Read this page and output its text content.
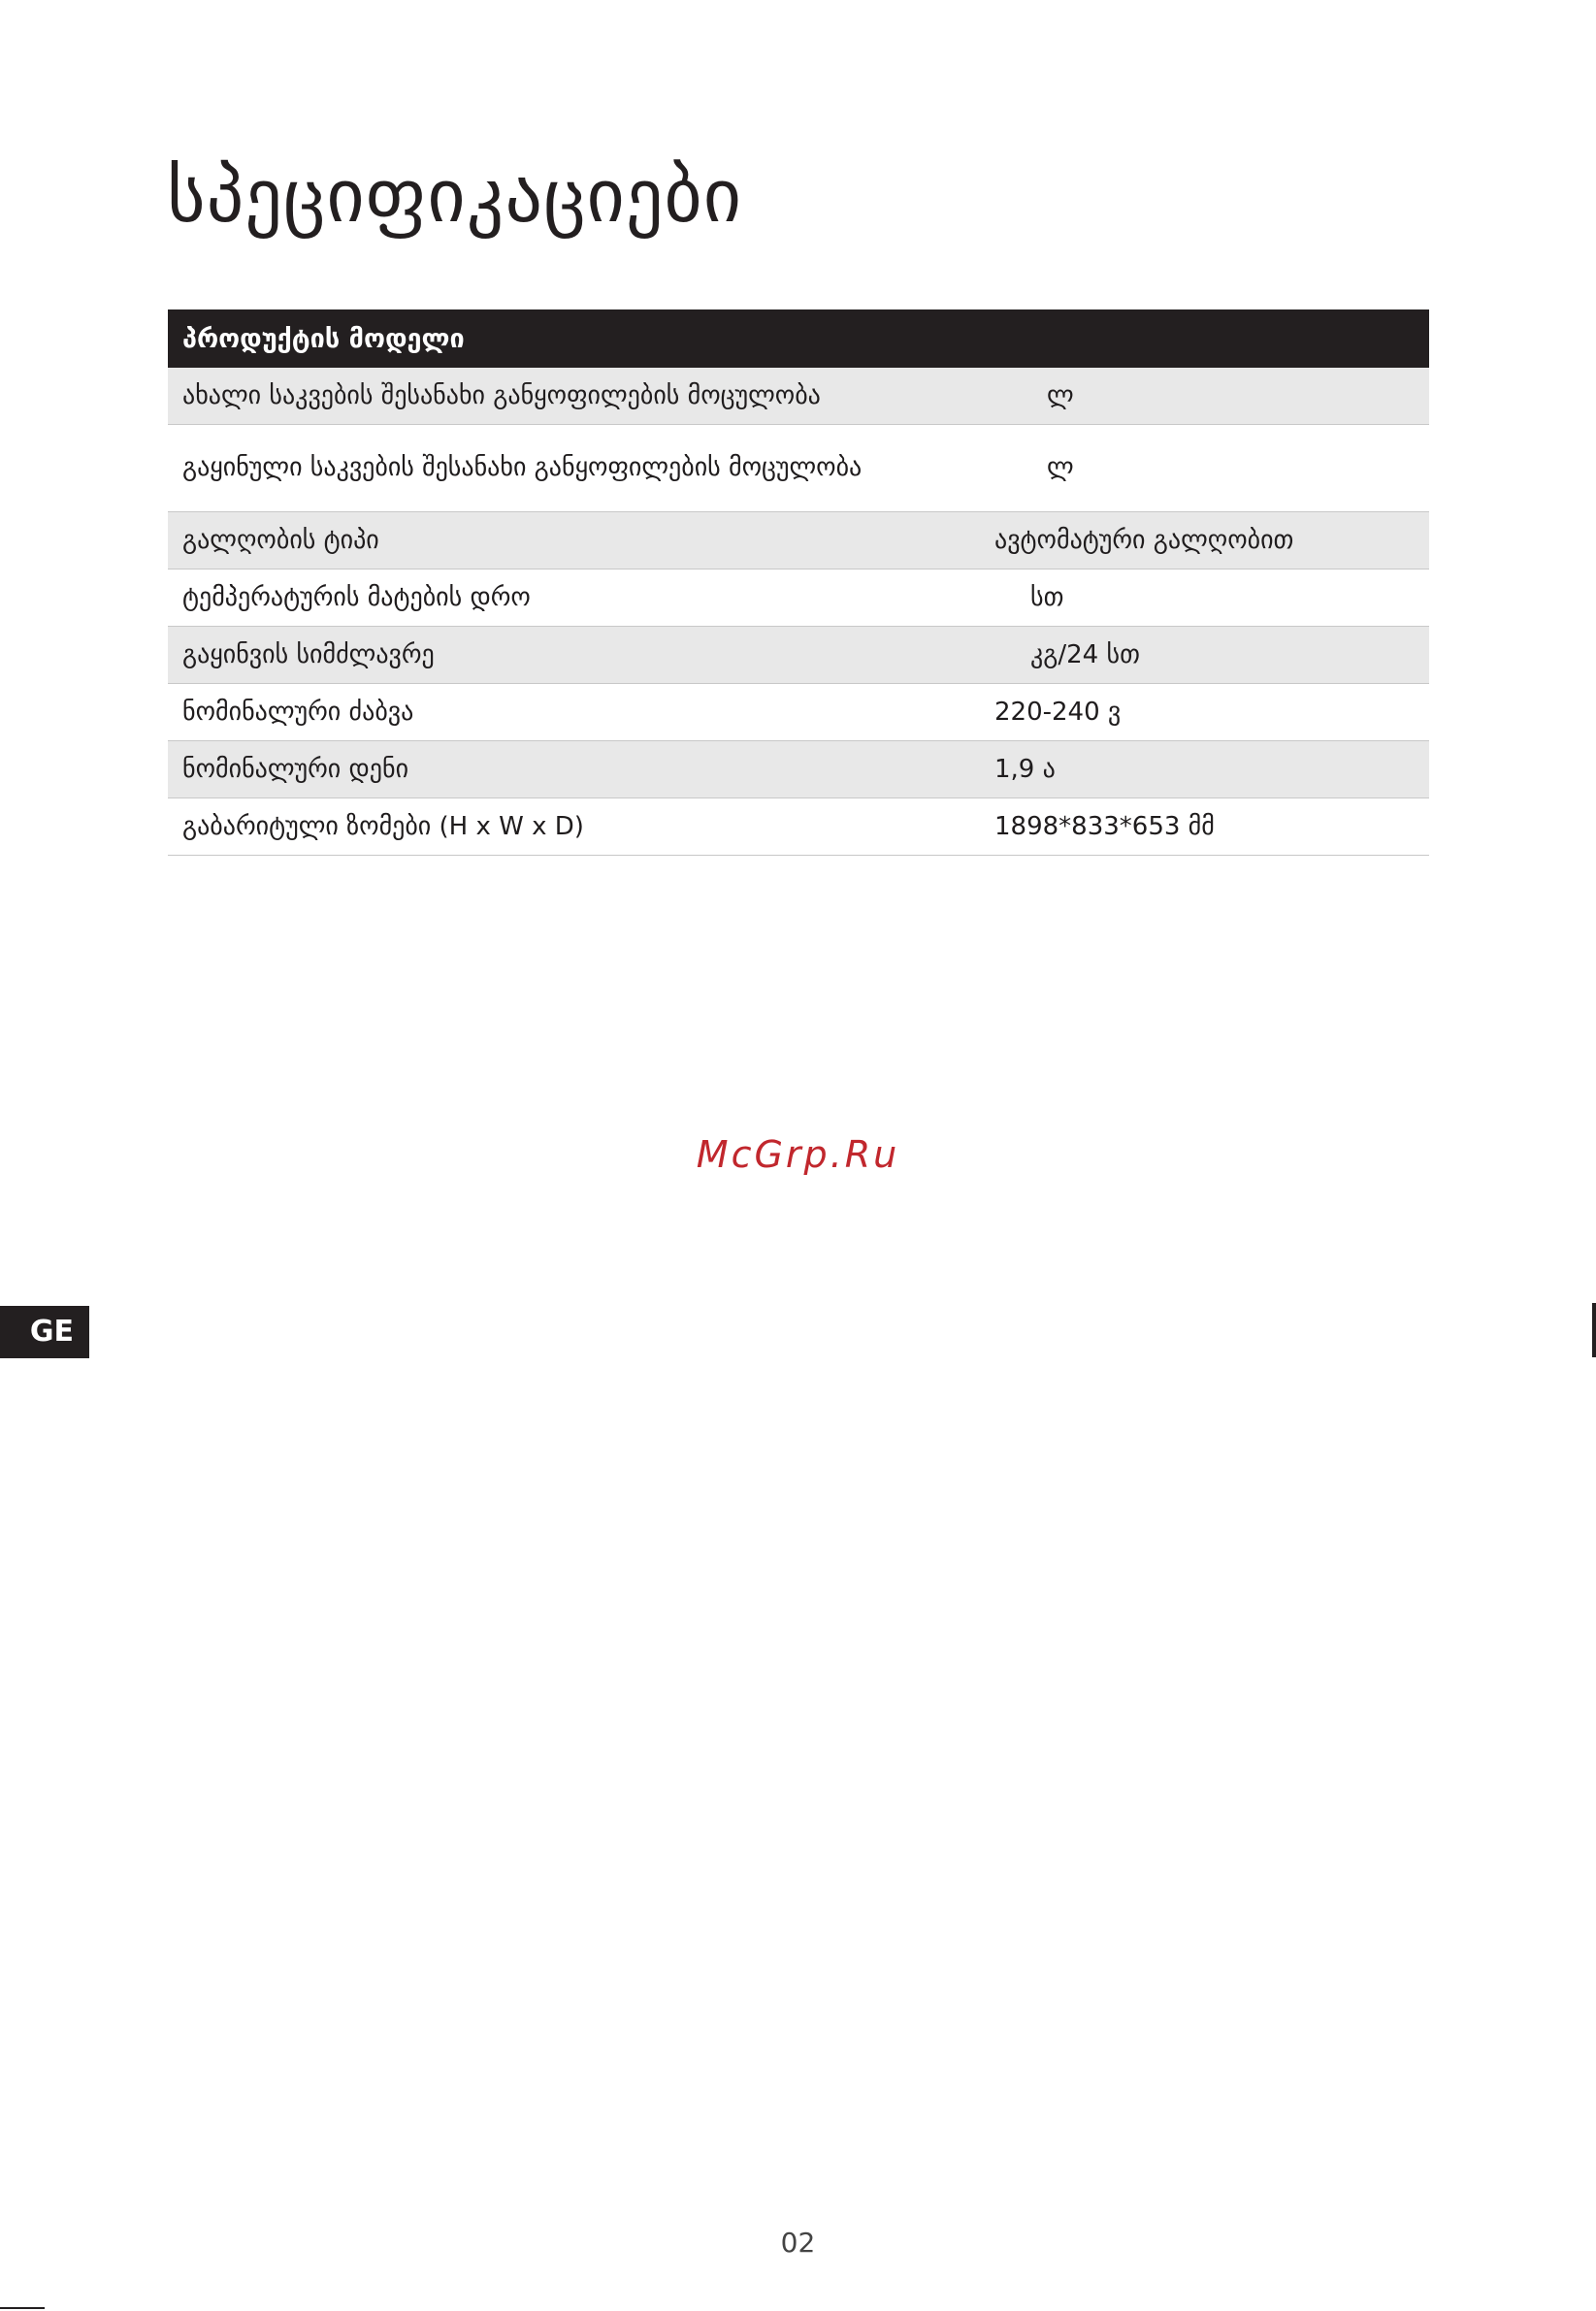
სპეციფიკაციები
პროდუქტის მოდელი	
ახალი საკვების შესანახი განყოფილების მოცულობა	ლ
გაყინული საკვების შესანახი განყოფილების მოცულობა	ლ
გალღობის ტიპი	ავტომატური გალღობით
ტემპერატურის მატების დრო	სთ
გაყინვის სიმძლავრე	კგ/24 სთ
ნომინალური ძაბვა	220-240 ვ
ნომინალური დენი	1,9 ა
გაბარიტული ზომები (H x W x D)	1898*833*653 მმ
McGrp.Ru
GE
02
